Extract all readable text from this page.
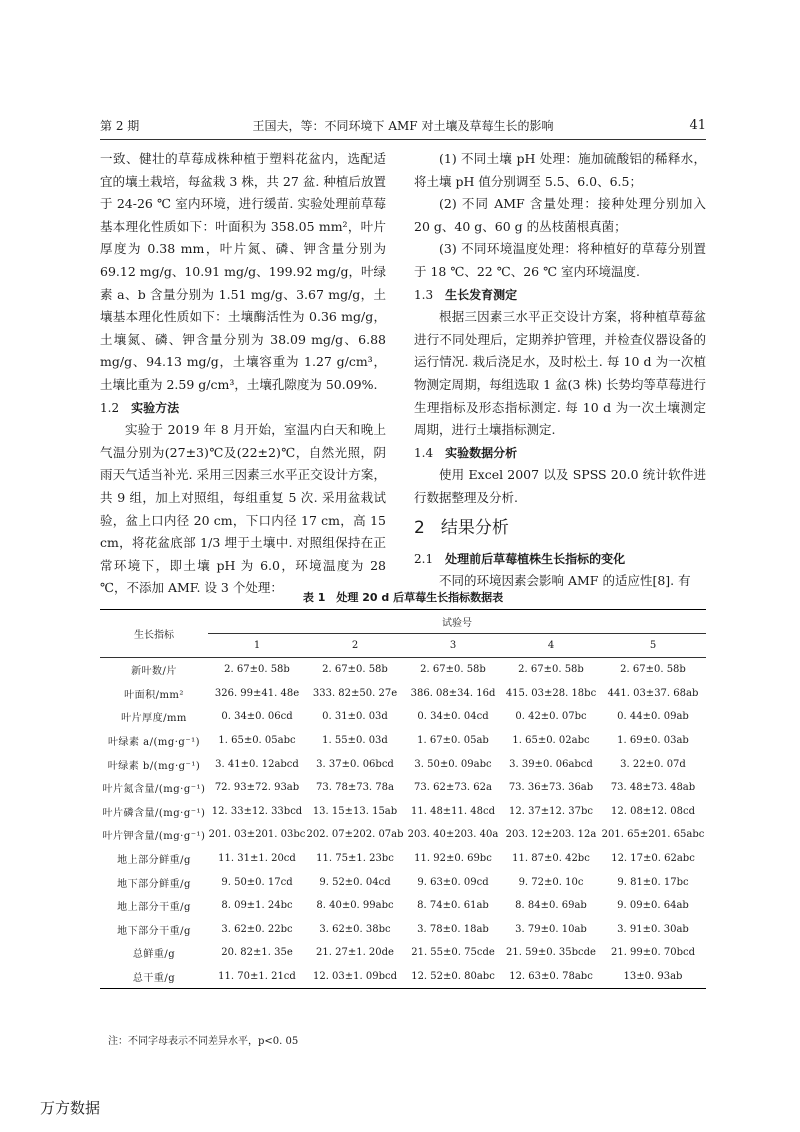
第 2 期	王国夫，等：不同环境下 AMF 对土壤及草莓生长的影响	41

一致、健壮的草莓成株种植于塑料花盆内，选配适宜的壤土栽培，每盆栽 3 株，共 27 盆. 种植后放置于 24-26 ℃ 室内环境，进行缓苗. 实验处理前草莓基本理化性质如下：叶面积为 358.05 mm²，叶片厚度为 0.38 mm，叶片氮、磷、钾含量分别为 69.12 mg/g、10.91 mg/g、199.92 mg/g，叶绿素 a、b 含量分别为 1.51 mg/g、3.67 mg/g，土壤基本理化性质如下：土壤酶活性为 0.36 mg/g，土壤氮、磷、钾含量分别为 38.09 mg/g、6.88 mg/g、94.13 mg/g，土壤容重为 1.27 g/cm³，土壤比重为 2.59 g/cm³，土壤孔隙度为 50.09%.

1.2 实验方法

实验于 2019 年 8 月开始，室温内白天和晚上气温分别为(27±3)℃及(22±2)℃，自然光照，阴雨天气适当补光. 采用三因素三水平正交设计方案，共 9 组，加上对照组，每组重复 5 次. 采用盆栽试验，盆上口内径 20 cm，下口内径 17 cm，高 15 cm，将花盆底部 1/3 埋于土壤中. 对照组保持在正常环境下，即土壤 pH 为 6.0，环境温度为 28 ℃，不添加 AMF. 设 3 个处理：

(1) 不同土壤 pH 处理：施加硫酸铝的稀释水，将土壤 pH 值分别调至 5.5、6.0、6.5；

(2) 不同 AMF 含量处理：接种处理分别加入 20 g、40 g、60 g 的丛枝菌根真菌；

(3) 不同环境温度处理：将种植好的草莓分别置于 18 ℃、22 ℃、26 ℃ 室内环境温度.

1.3 生长发育测定

根据三因素三水平正交设计方案，将种植草莓盆进行不同处理后，定期养护管理，并检查仪器设备的运行情况. 栽后浇足水，及时松土. 每 10 d 为一次植物测定周期，每组选取 1 盆(3 株) 长势均等草莓进行生理指标及形态指标测定. 每 10 d 为一次土壤测定周期，进行土壤指标测定.

1.4 实验数据分析

使用 Excel 2007 以及 SPSS 20.0 统计软件进行数据整理及分析.

2 结果分析

2.1 处理前后草莓植株生长指标的变化

不同的环境因素会影响 AMF 的适应性[8]. 有

表 1　处理 20 d 后草莓生长指标数据表
生长指标	试验号				
	1	2	3	4	5
新叶数/片	2. 67±0. 58b	2. 67±0. 58b	2. 67±0. 58b	2. 67±0. 58b	2. 67±0. 58b
叶面积/mm²	326. 99±41. 48e	333. 82±50. 27e	386. 08±34. 16d	415. 03±28. 18bc	441. 03±37. 68ab
叶片厚度/mm	0. 34±0. 06cd	0. 31±0. 03d	0. 34±0. 04cd	0. 42±0. 07bc	0. 44±0. 09ab
叶绿素 a/(mg·g⁻¹)	1. 65±0. 05abc	1. 55±0. 03d	1. 67±0. 05ab	1. 65±0. 02abc	1. 69±0. 03ab
叶绿素 b/(mg·g⁻¹)	3. 41±0. 12abcd	3. 37±0. 06bcd	3. 50±0. 09abc	3. 39±0. 06abcd	3. 22±0. 07d
叶片氮含量/(mg·g⁻¹)	72. 93±72. 93ab	73. 78±73. 78a	73. 62±73. 62a	73. 36±73. 36ab	73. 48±73. 48ab
叶片磷含量/(mg·g⁻¹)	12. 33±12. 33bcd	13. 15±13. 15ab	11. 48±11. 48cd	12. 37±12. 37bc	12. 08±12. 08cd
叶片钾含量/(mg·g⁻¹)	201. 03±201. 03bc	202. 07±202. 07ab	203. 40±203. 40a	203. 12±203. 12a	201. 65±201. 65abc
地上部分鲜重/g	11. 31±1. 20cd	11. 75±1. 23bc	11. 92±0. 69bc	11. 87±0. 42bc	12. 17±0. 62abc
地下部分鲜重/g	9. 50±0. 17cd	9. 52±0. 04cd	9. 63±0. 09cd	9. 72±0. 10c	9. 81±0. 17bc
地上部分干重/g	8. 09±1. 24bc	8. 40±0. 99abc	8. 74±0. 61ab	8. 84±0. 69ab	9. 09±0. 64ab
地下部分干重/g	3. 62±0. 22bc	3. 62±0. 38bc	3. 78±0. 18ab	3. 79±0. 10ab	3. 91±0. 30ab
总鲜重/g	20. 82±1. 35e	21. 27±1. 20de	21. 55±0. 75cde	21. 59±0. 35bcde	21. 99±0. 70bcd
总干重/g	11. 70±1. 21cd	12. 03±1. 09bcd	12. 52±0. 80abc	12. 63±0. 78abc	13±0. 93ab
注：不同字母表示不同差异水平，p<0. 05
万方数据
